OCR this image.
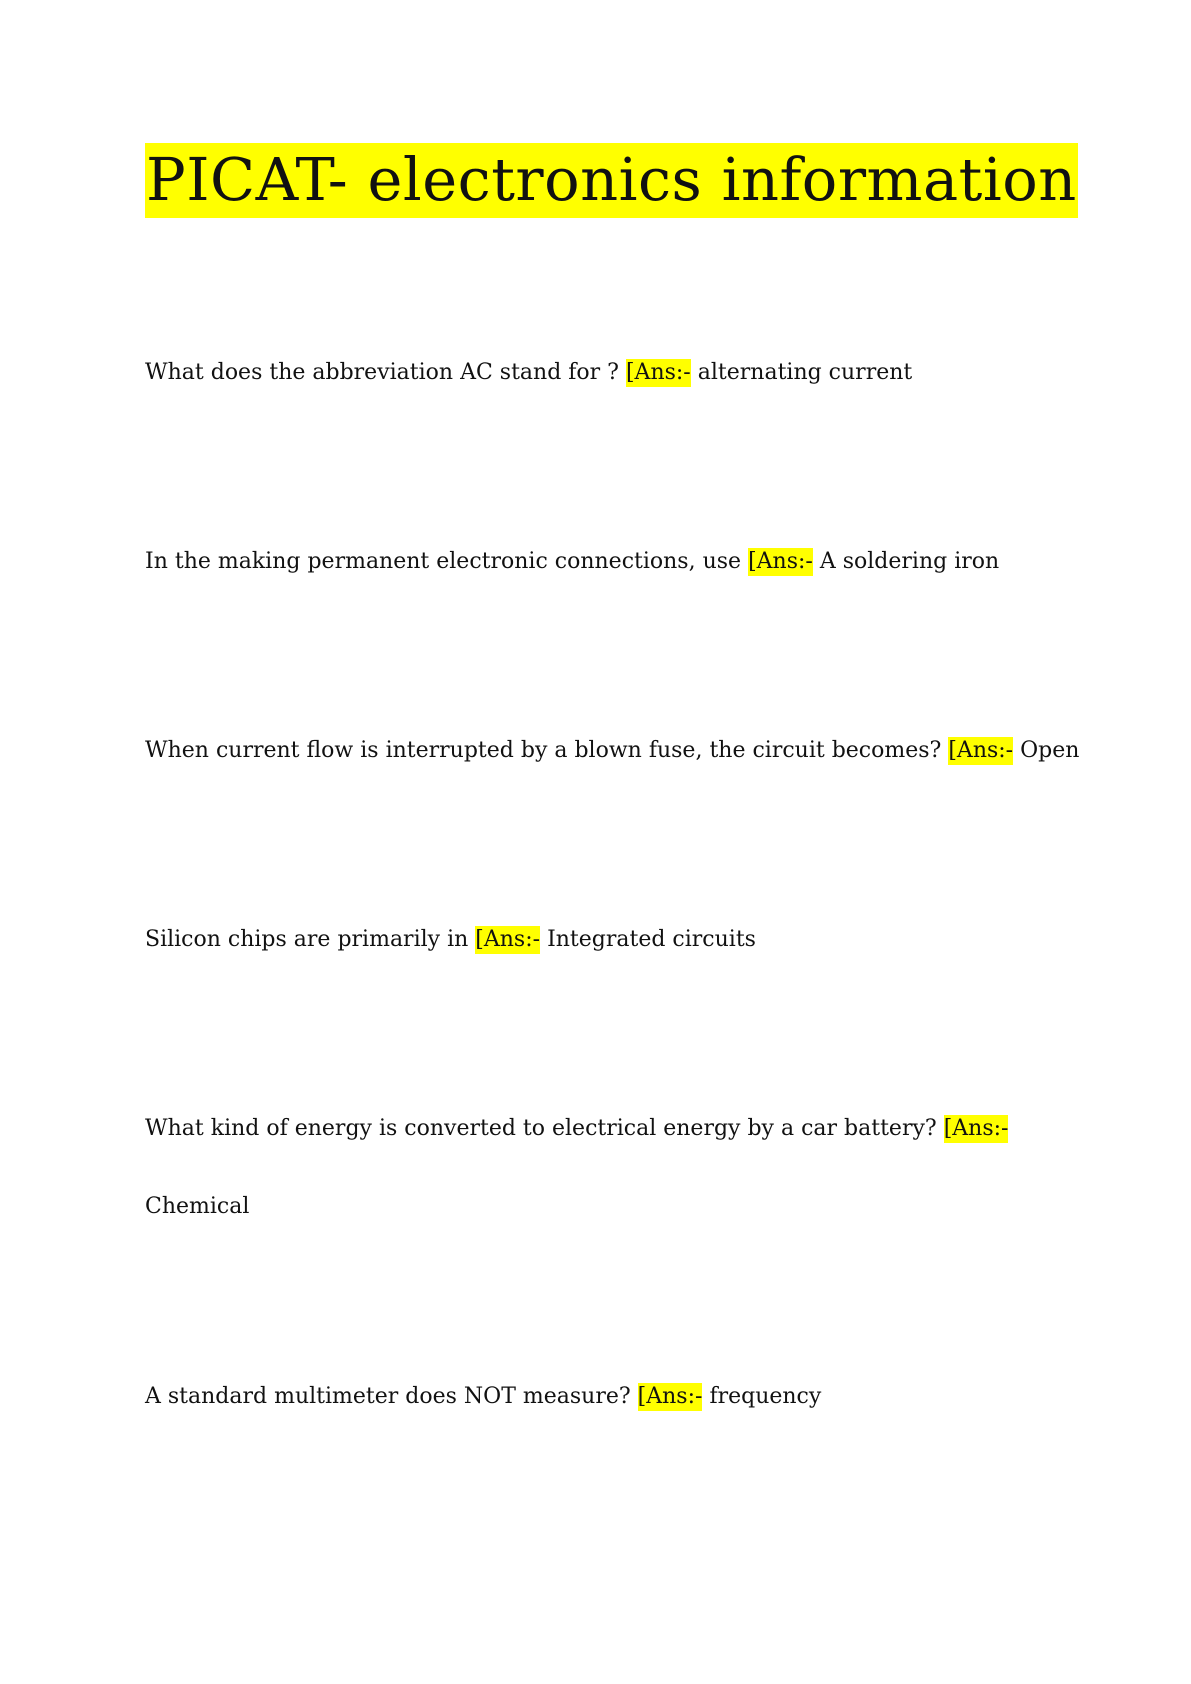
PICAT- electronics information

What does the abbreviation AC stand for ? [Ans:- alternating current

In the making permanent electronic connections, use [Ans:- A soldering iron

When current flow is interrupted by a blown fuse, the circuit becomes? [Ans:- Open

Silicon chips are primarily in [Ans:- Integrated circuits

What kind of energy is converted to electrical energy by a car battery? [Ans:-

Chemical

A standard multimeter does NOT measure? [Ans:- frequency
